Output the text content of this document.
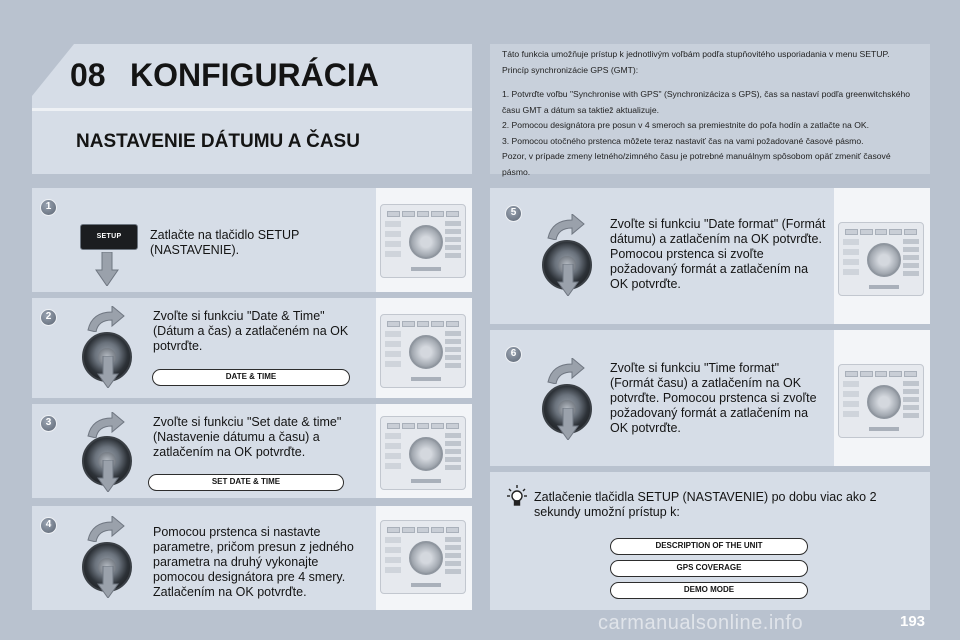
08 KONFIGURÁCIA
NASTAVENIE DÁTUMU A ČASU

Táto funkcia umožňuje prístup k jednotlivým voľbám podľa stupňovitého usporiadania v menu SETUP.

Princíp synchronizácie GPS (GMT):

1. Potvrďte voľbu "Synchronise with GPS" (Synchronizáciza s GPS), čas sa nastaví podľa greenwitchského času GMT a dátum sa taktiež aktualizuje.

2. Pomocou designátora pre posun v 4 smeroch sa premiestnite do poľa hodín a zatlačte na OK.

3. Pomocou otočného prstenca môžete teraz nastaviť čas na vami požadované časové pásmo.

Pozor, v prípade zmeny letného/zimného času je potrebné manuálnym spôsobom opäť zmeniť časové pásmo.

1
SETUP	Zatlačte na tlačidlo SETUP (NASTAVENIE).
2	Zvoľte si funkciu "Date & Time" (Dátum a čas) a zatlačeném na OK potvrďte.
DATE & TIME
3	Zvoľte si funkciu "Set date & time" (Nastavenie dátumu a času) a zatlačením na OK potvrďte.
SET DATE & TIME
4
Pomocou prstenca si nastavte parametre, pričom presun z jedného parametra na druhý vykonajte pomocou designátora pre 4 smery. Zatlačením na OK potvrďte.
5
Zvoľte si funkciu "Date format" (Formát dátumu) a zatlačením na OK potvrďte. Pomocou prstenca si zvoľte požadovaný formát a zatlačením na OK potvrďte.
6
Zvoľte si funkciu "Time format" (Formát času) a zatlačením na OK potvrďte. Pomocou prstenca si zvoľte požadovaný formát a zatlačením na OK potvrďte.
Zatlačenie tlačidla SETUP (NASTAVENIE) po dobu viac ako 2 sekundy umožní prístup k:
DESCRIPTION OF THE UNIT
GPS COVERAGE
DEMO MODE
carmanualsonline.info	193
